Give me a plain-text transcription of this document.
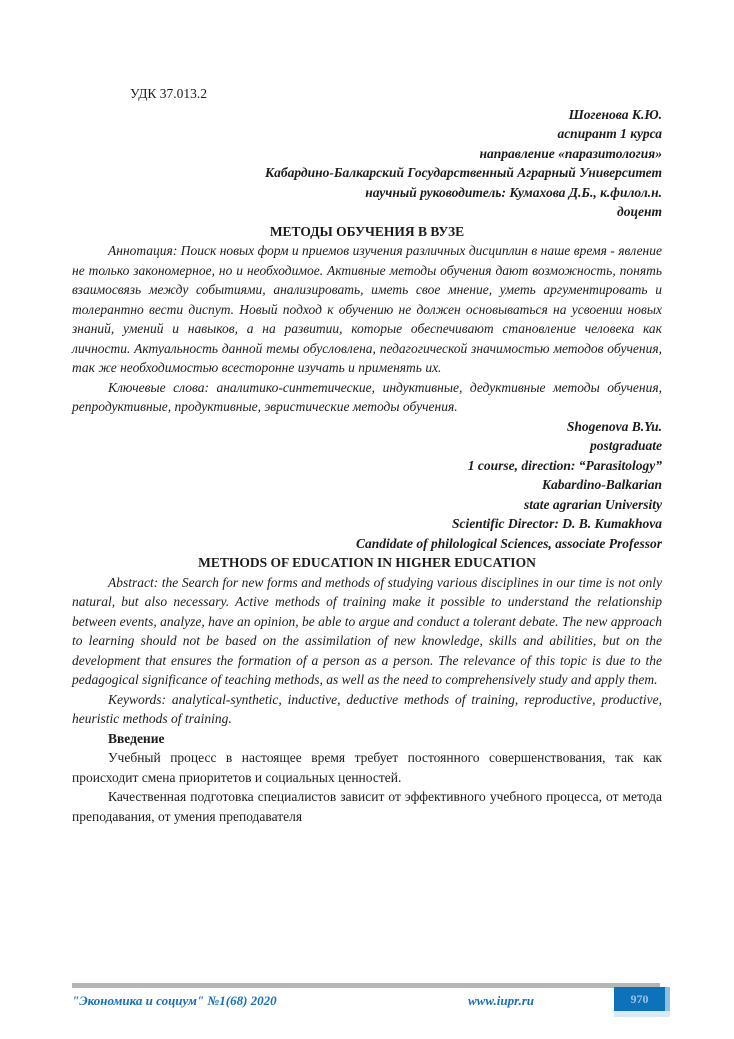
УДК 37.013.2
Шогенова К.Ю.
аспирант 1 курса
направление «паразитология»
Кабардино-Балкарский Государственный Аграрный Университет
научный руководитель: Кумахова Д.Б., к.филол.н.
доцент
МЕТОДЫ ОБУЧЕНИЯ В ВУЗЕ

Аннотация: Поиск новых форм и приемов изучения различных дисциплин в наше время - явление не только закономерное, но и необходимое. Активные методы обучения дают возможность, понять взаимосвязь между событиями, анализировать, иметь свое мнение, уметь аргументировать и толерантно вести диспут. Новый подход к обучению не должен основываться на усвоении новых знаний, умений и навыков, а на развитии, которые обеспечивают становление человека как личности. Актуальность данной темы обусловлена, педагогической значимостью методов обучения, так же необходимостью всесторонне изучать и применять их.

Ключевые слова: аналитико-синтетические, индуктивные, дедуктивные методы обучения, репродуктивные, продуктивные, эвристические методы обучения.

Shogenova B.Yu.
postgraduate
1 course, direction: “Parasitology”
Kabardino-Balkarian
state agrarian University
Scientific Director: D. B. Kumakhova
Candidate of philological Sciences, associate Professor
METHODS OF EDUCATION IN HIGHER EDUCATION

Abstract: the Search for new forms and methods of studying various disciplines in our time is not only natural, but also necessary. Active methods of training make it possible to understand the relationship between events, analyze, have an opinion, be able to argue and conduct a tolerant debate. The new approach to learning should not be based on the assimilation of new knowledge, skills and abilities, but on the development that ensures the formation of a person as a person. The relevance of this topic is due to the pedagogical significance of teaching methods, as well as the need to comprehensively study and apply them.

Keywords: analytical-synthetic, inductive, deductive methods of training, reproductive, productive, heuristic methods of training.

Введение

Учебный процесс в настоящее время требует постоянного совершенствования, так как происходит смена приоритетов и социальных ценностей.

Качественная подготовка специалистов зависит от эффективного учебного процесса, от метода преподавания, от умения преподавателя

"Экономика и социум" №1(68) 2020	www.iupr.ru	970
